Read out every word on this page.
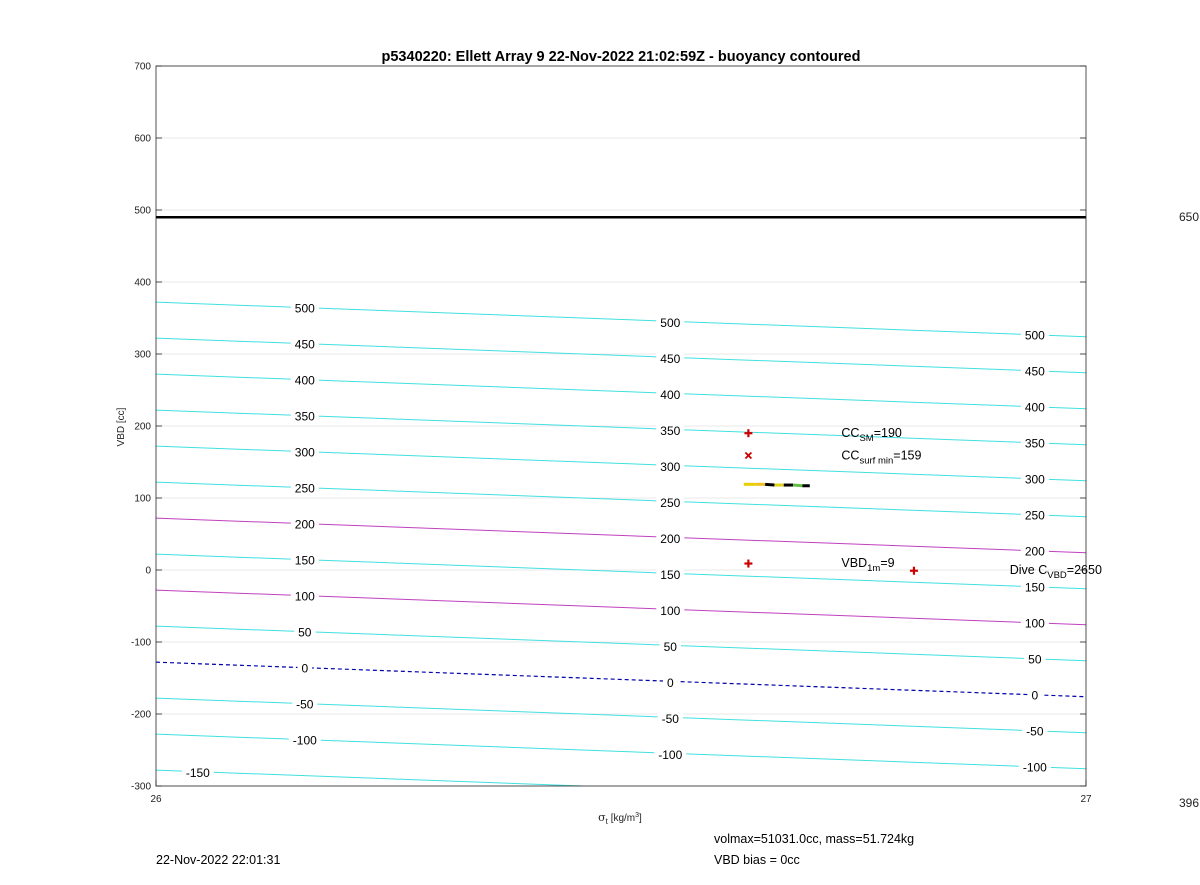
500
450
400
350
300
250
200
150
100
50
0
-50
-100
-150
500
450
400
350
300
250
200
150
100
50
0
-50
-100
500
450
400
350
300
250
200
150
100
50
0
-50
-100
$CC_{SM}=190$
$CC_{surf min}=159$
$VBD_{1m}=9$
Dive $C_{VBD}=2650$
700
600
500
400
300
200
100
0
-100
-200
-300
26	27
p5340220: Ellett Array 9 22-Nov-2022 21:02:59Z - buoyancy contoured
VBD [cc]
$\sigma_t$ $[kg/m^3]$
650
396
22-Nov-2022 22:01:31
volmax=51031.0cc, mass=51.724kg
VBD bias = 0cc
